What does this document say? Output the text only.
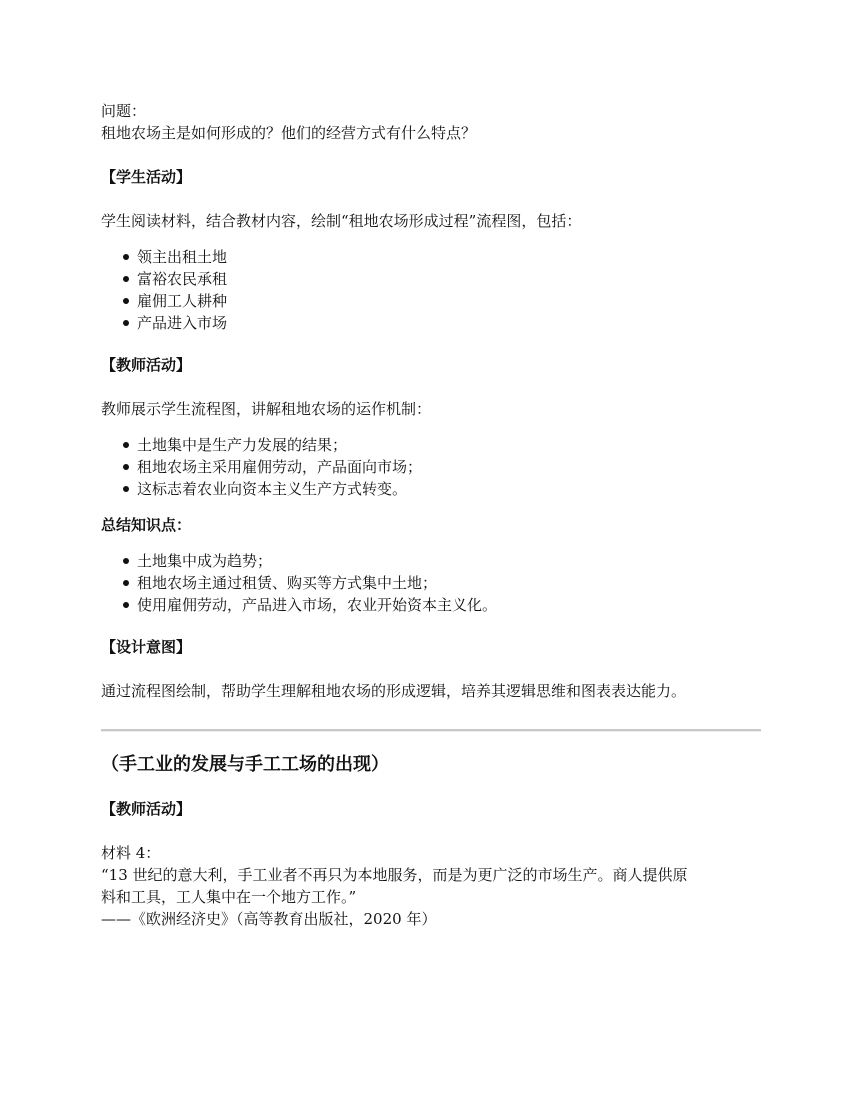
问题：

租地农场主是如何形成的？他们的经营方式有什么特点？

【学生活动】

学生阅读材料，结合教材内容，绘制“租地农场形成过程”流程图，包括：

领主出租土地
富裕农民承租
雇佣工人耕种
产品进入市场

【教师活动】

教师展示学生流程图，讲解租地农场的运作机制：

土地集中是生产力发展的结果；
租地农场主采用雇佣劳动，产品面向市场；
这标志着农业向资本主义生产方式转变。

总结知识点：

土地集中成为趋势；
租地农场主通过租赁、购买等方式集中土地；
使用雇佣劳动，产品进入市场，农业开始资本主义化。

【设计意图】

通过流程图绘制，帮助学生理解租地农场的形成逻辑，培养其逻辑思维和图表表达能力。

（手工业的发展与手工工场的出现）

【教师活动】

材料 4：

“13 世纪的意大利，手工业者不再只为本地服务，而是为更广泛的市场生产。商人提供原

料和工具，工人集中在一个地方工作。”

——《欧洲经济史》（高等教育出版社，2020 年）
